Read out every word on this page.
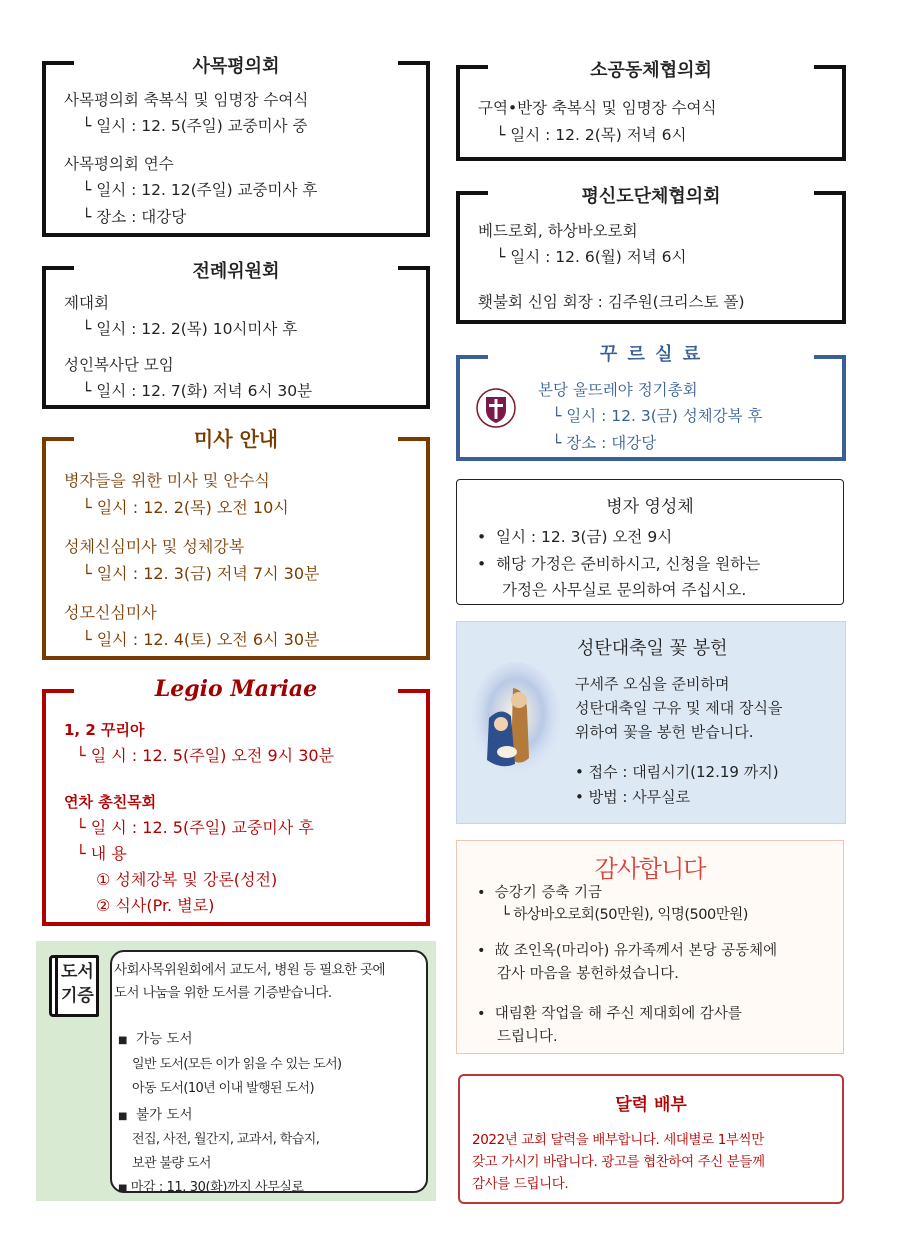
사목평의회
사목평의회 축복식 및 임명장 수여식
└ 일시 : 12. 5(주일) 교중미사 중
사목평의회 연수
└ 일시 : 12. 12(주일) 교중미사 후
└ 장소 : 대강당
전례위원회
제대회
└ 일시 : 12. 2(목) 10시미사 후
성인복사단 모임
└ 일시 : 12. 7(화) 저녁 6시 30분
미사 안내
병자들을 위한 미사 및 안수식
└ 일시 : 12. 2(목) 오전 10시
성체신심미사 및 성체강복
└ 일시 : 12. 3(금) 저녁 7시 30분
성모신심미사
└ 일시 : 12. 4(토) 오전 6시 30분
Legio Mariae
1, 2 꾸리아
└ 일 시 : 12. 5(주일) 오전 9시 30분
연차 총친목회
└ 일 시 : 12. 5(주일) 교중미사 후
└ 내 용
① 성체강복 및 강론(성전)
② 식사(Pr. 별로)
도서
기증
사회사목위원회에서 교도서, 병원 등 필요한 곳에
도서 나눔을 위한 도서를 기증받습니다.
■ 가능 도서
일반 도서(모든 이가 읽을 수 있는 도서)
아동 도서(10년 이내 발행된 도서)
■ 불가 도서
전집, 사전, 월간지, 교과서, 학습지,
보관 불량 도서
■ 마감 : 11. 30(화)까지 사무실로
소공동체협의회
구역•반장 축복식 및 임명장 수여식
└ 일시 : 12. 2(목) 저녁 6시
평신도단체협의회
베드로회, 하상바오로회
└ 일시 : 12. 6(월) 저녁 6시
횃불회 신임 회장 : 김주원(크리스토 폴)
꾸 르 실 료
본당 울뜨레야 정기총회
└ 일시 : 12. 3(금) 성체강복 후
└ 장소 : 대강당
병자 영성체
•  일시 : 12. 3(금) 오전 9시
•  해당 가정은 준비하시고, 신청을 원하는
가정은 사무실로 문의하여 주십시오.
성탄대축일 꽃 봉헌
구세주 오심을 준비하며
성탄대축일 구유 및 제대 장식을
위하여 꽃을 봉헌 받습니다.
• 접수 : 대림시기(12.19 까지)
• 방법 : 사무실로
감사합니다
•  승강기 증축 기금
└ 하상바오로회(50만원), 익명(500만원)
•  故 조인옥(마리아) 유가족께서 본당 공동체에
감사 마음을 봉헌하셨습니다.
•  대림환 작업을 해 주신 제대회에 감사를
드립니다.
달력 배부
2022년 교회 달력을 배부합니다. 세대별로 1부씩만
갖고 가시기 바랍니다. 광고를 협찬하여 주신 분들께
감사를 드립니다.
